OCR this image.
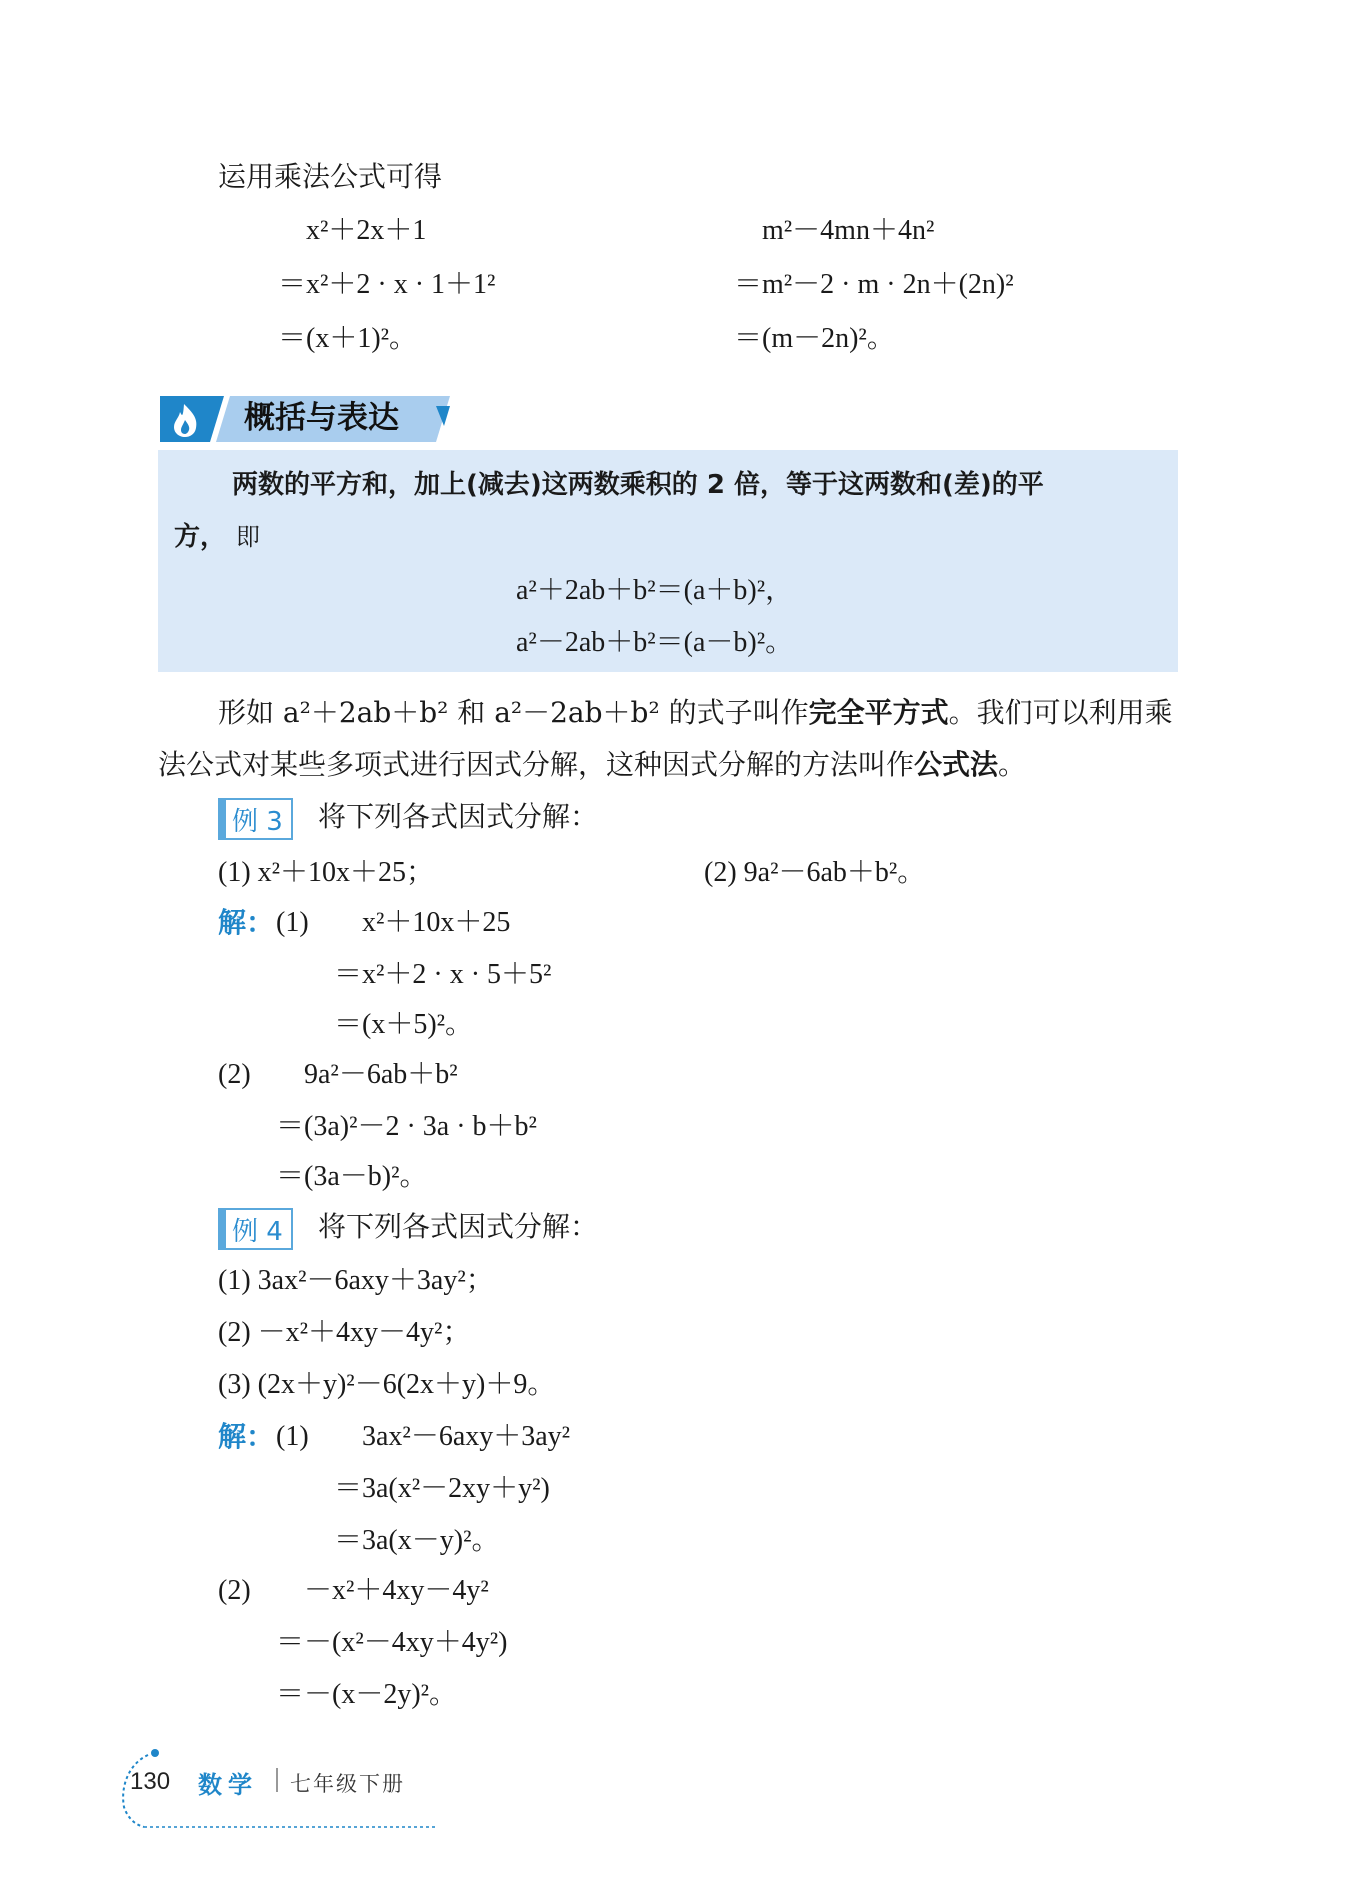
运用乘法公式可得
x²＋2x＋1
＝x²＋2 · x · 1＋1²
＝(x＋1)²。
m²－4mn＋4n²
＝m²－2 · m · 2n＋(2n)²
＝(m－2n)²。
概括与表达
两数的平方和，加上(减去)这两数乘积的 2 倍，等于这两数和(差)的平
方， 即
a²＋2ab＋b²＝(a＋b)²，
a²－2ab＋b²＝(a－b)²。
形如 a²＋2ab＋b² 和 a²－2ab＋b² 的式子叫作完全平方式。我们可以利用乘
法公式对某些多项式进行因式分解，这种因式分解的方法叫作公式法。
例 3 将下列各式因式分解：
(1) x²＋10x＋25；	(2) 9a²－6ab＋b²。
解： (1) x²＋10x＋25
＝x²＋2 · x · 5＋5²
＝(x＋5)²。
(2) 9a²－6ab＋b²
＝(3a)²－2 · 3a · b＋b²
＝(3a－b)²。
例 4 将下列各式因式分解：
(1) 3ax²－6axy＋3ay²；
(2) －x²＋4xy－4y²；
(3) (2x＋y)²－6(2x＋y)＋9。
解： (1) 3ax²－6axy＋3ay²
＝3a(x²－2xy＋y²)
＝3a(x－y)²。
(2) －x²＋4xy－4y²
＝－(x²－4xy＋4y²)
＝－(x－2y)²。
130 数学 七年级下册
